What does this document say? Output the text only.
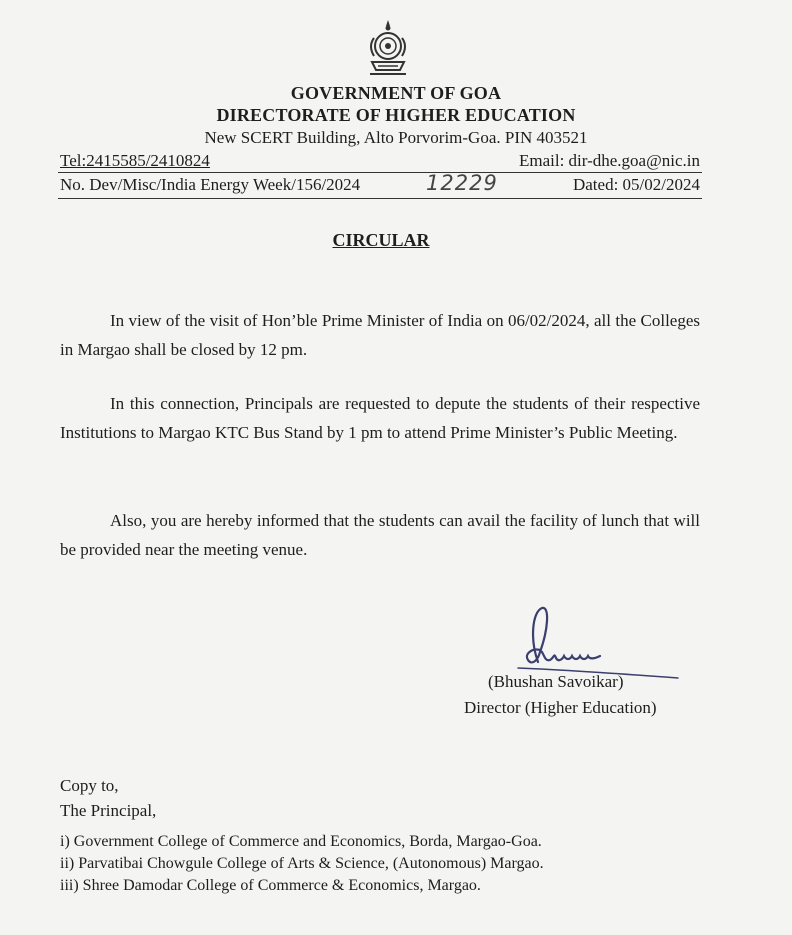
GOVERNMENT OF GOA
DIRECTORATE OF HIGHER EDUCATION
New SCERT Building, Alto Porvorim-Goa. PIN 403521
Tel:2415585/2410824	Email: dir-dhe.goa@nic.in
No. Dev/Misc/India Energy Week/156/2024	12229	Dated: 05/02/2024
CIRCULAR
In view of the visit of Hon’ble Prime Minister of India on 06/02/2024, all the Colleges in Margao shall be closed by 12 pm.
In this connection, Principals are requested to depute the students of their respective Institutions to Margao KTC Bus Stand by 1 pm to attend Prime Minister’s Public Meeting.
Also, you are hereby informed that the students can avail the facility of lunch that will be provided near the meeting venue.
(Bhushan Savoikar)
Director (Higher Education)
Copy to,
The Principal,
i) Government College of Commerce and Economics, Borda, Margao-Goa.
ii) Parvatibai Chowgule College of Arts & Science, (Autonomous) Margao.
iii) Shree Damodar College of Commerce & Economics, Margao.
